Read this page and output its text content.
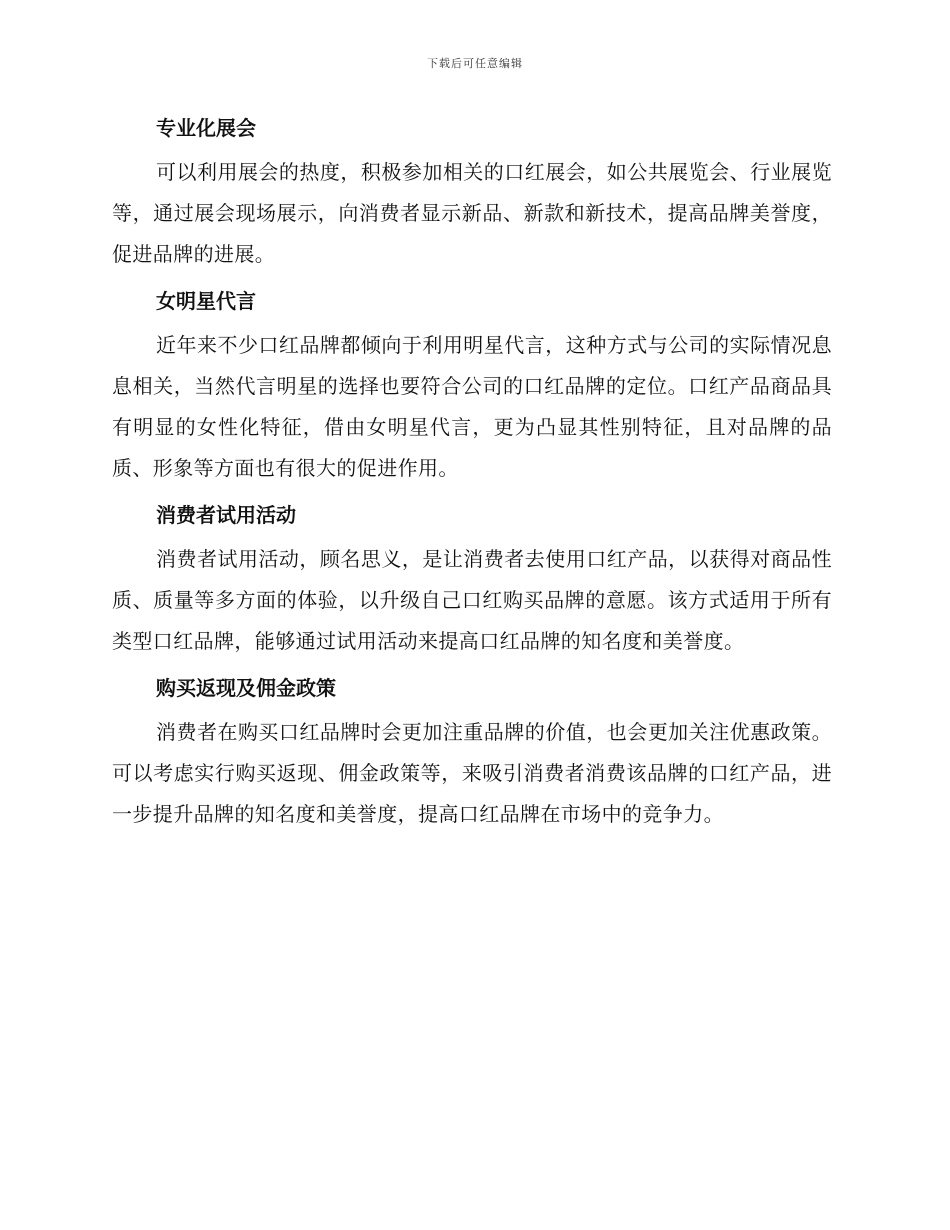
下载后可任意编辑
专业化展会

可以利用展会的热度，积极参加相关的口红展会，如公共展览会、行业展览等，通过展会现场展示，向消费者显示新品、新款和新技术，提高品牌美誉度，促进品牌的进展。

女明星代言

近年来不少口红品牌都倾向于利用明星代言，这种方式与公司的实际情况息息相关，当然代言明星的选择也要符合公司的口红品牌的定位。口红产品商品具有明显的女性化特征，借由女明星代言，更为凸显其性别特征，且对品牌的品质、形象等方面也有很大的促进作用。

消费者试用活动

消费者试用活动，顾名思义，是让消费者去使用口红产品，以获得对商品性质、质量等多方面的体验，以升级自己口红购买品牌的意愿。该方式适用于所有类型口红品牌，能够通过试用活动来提高口红品牌的知名度和美誉度。

购买返现及佣金政策

消费者在购买口红品牌时会更加注重品牌的价值，也会更加关注优惠政策。可以考虑实行购买返现、佣金政策等，来吸引消费者消费该品牌的口红产品，进一步提升品牌的知名度和美誉度，提高口红品牌在市场中的竞争力。
